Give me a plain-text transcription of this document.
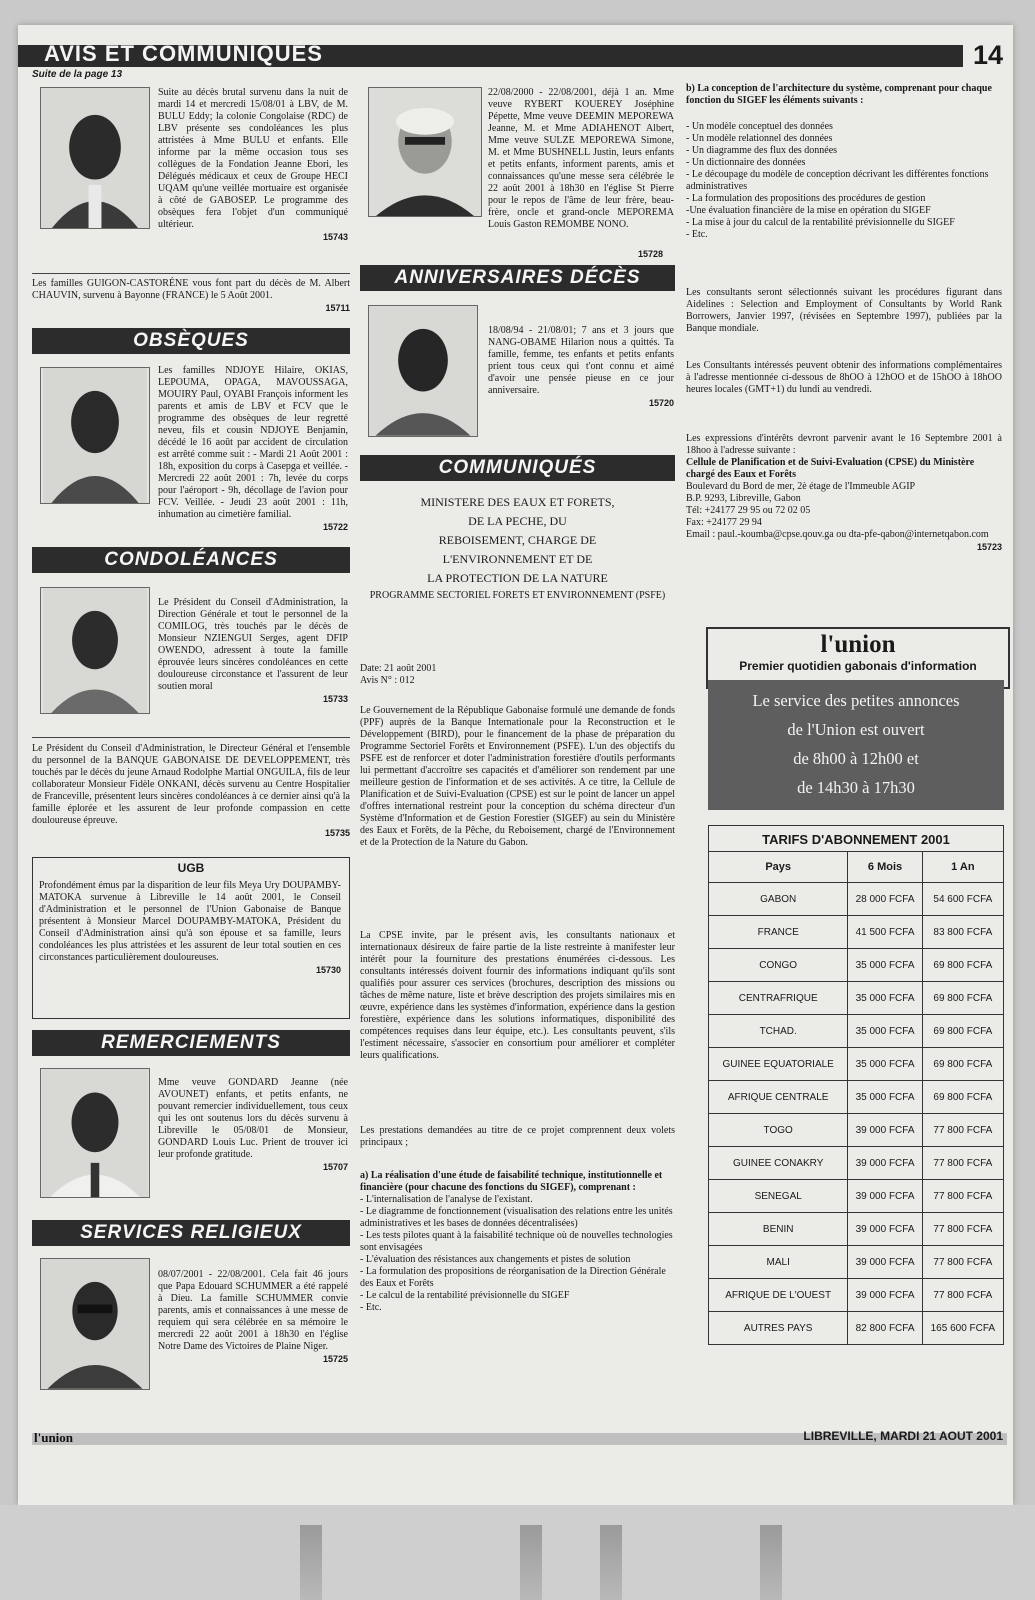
AVIS ET COMMUNIQUÉS	14
Suite de la page 13

Suite au décès brutal survenu dans la nuit de mardi 14 et mercredi 15/08/01 à LBV, de M. BULU Eddy; la colonie Congolaise (RDC) de LBV présente ses condoléances les plus attristées à Mme BULU et enfants. Elle informe par la même occasion tous ses collègues de la Fondation Jeanne Ebori, les Délégués médicaux et ceux de Groupe HECI UQAM qu'une veillée mortuaire est organisée à côté de GABOSEP. Le programme des obsèques fera l'objet d'un communiqué ultérieur.

15743

Les familles GUIGON-CASTORÉNE vous font part du décès de M. Albert CHAUVIN, survenu à Bayonne (FRANCE) le 5 Août 2001.

15711
OBSÈQUES

Les familles NDJOYE Hilaire, OKIAS, LEPOUMA, OPAGA, MAVOUSSAGA, MOUIRY Paul, OYABI François informent les parents et amis de LBV et FCV que le programme des obsèques de leur regretté neveu, fils et cousin NDJOYE Benjamin, décédé le 16 août par accident de circulation est arrêté comme suit : - Mardi 21 Août 2001 : 18h, exposition du corps à Casepga et veillée. - Mercredi 22 août 2001 : 7h, levée du corps pour l'aéroport - 9h, décollage de l'avion pour FCV. Veillée. - Jeudi 23 août 2001 : 11h, inhumation au cimetière familial.

15722
CONDOLÉANCES

Le Président du Conseil d'Administration, la Direction Générale et tout le personnel de la COMILOG, très touchés par le décès de Monsieur NZIENGUI Serges, agent DFIP OWENDO, adressent à toute la famille éprouvée leurs sincères condoléances en cette douloureuse circonstance et l'assurent de leur soutien moral

15733

Le Président du Conseil d'Administration, le Directeur Général et l'ensemble du personnel de la BANQUE GABONAISE DE DEVELOPPEMENT, très touchés par le décès du jeune Arnaud Rodolphe Martial ONGUILA, fils de leur collaborateur Monsieur Fidèle ONKANI, décès survenu au Centre Hospitalier de Franceville, présentent leurs sincères condoléances à ce dernier ainsi qu'à la famille éplorée et les assurent de leur profonde compassion en cette douloureuse épreuve.

15735
UGB

Profondément émus par la disparition de leur fils Meya Ury DOUPAMBY-MATOKA survenue à Libreville le 14 août 2001, le Conseil d'Administration et le personnel de l'Union Gabonaise de Banque présentent à Monsieur Marcel DOUPAMBY-MATOKA, Président du Conseil d'Administration ainsi qu'à son épouse et sa famille, leurs condoléances les plus attristées et les assurent de leur total soutien en ces circonstances particulièrement douloureuses.

15730
REMERCIEMENTS

Mme veuve GONDARD Jeanne (née AVOUNET) enfants, et petits enfants, ne pouvant remercier individuellement, tous ceux qui les ont soutenus lors du décès survenu à Libreville le 05/08/01 de Monsieur, GONDARD Louis Luc. Prient de trouver ici leur profonde gratitude.

15707
SERVICES RELIGIEUX

08/07/2001 - 22/08/2001. Cela fait 46 jours que Papa Edouard SCHUMMER a été rappelé à Dieu. La famille SCHUMMER convie parents, amis et connaissances à une messe de requiem qui sera célébrée en sa mémoire le mercredi 22 août 2001 à 18h30 en l'église Notre Dame des Victoires de Plaine Niger.

15725

22/08/2000 - 22/08/2001, déjà 1 an. Mme veuve RYBERT KOUEREY Joséphine Pépette, Mme veuve DEEMIN MEPOREWA Jeanne, M. et Mme ADIAHENOT Albert, Mme veuve SULZE MEPOREWA Simone, M. et Mme BUSHNELL Justin, leurs enfants et petits enfants, informent parents, amis et connaissances qu'une messe sera célébrée le 22 août 2001 à 18h30 en l'église St Pierre pour le repos de l'âme de leur frère, beau-frère, oncle et grand-oncle MEPOREMA Louis Gaston REMOMBE NONO.

15728
ANNIVERSAIRES DÉCÈS

18/08/94 - 21/08/01; 7 ans et 3 jours que NANG-OBAME Hilarion nous a quittés. Ta famille, femme, tes enfants et petits enfants prient tous ceux qui t'ont connu et aimé d'avoir une pensée pieuse en ce jour anniversaire.

15720
COMMUNIQUÉS
MINISTERE DES EAUX ET FORETS,
DE LA PECHE, DU
REBOISEMENT, CHARGE DE
L'ENVIRONNEMENT ET DE
LA PROTECTION DE LA NATURE
PROGRAMME SECTORIEL FORETS ET ENVIRONNEMENT (PSFE)
Date: 21 août 2001
Avis N° : 012

Le Gouvernement de la République Gabonaise formulé une demande de fonds (PPF) auprès de la Banque Internationale pour la Reconstruction et le Développement (BIRD), pour le financement de la phase de préparation du Programme Sectoriel Forêts et Environnement (PSFE). L'un des objectifs du PSFE est de renforcer et doter l'administration forestière d'outils performants lui permettant d'accroître ses capacités et d'améliorer son rendement par une meilleure gestion de l'information et de ses activités. A ce titre, la Cellule de Planification et de Suivi-Evaluation (CPSE) est sur le point de lancer un appel d'offres international restreint pour la conception du schéma directeur d'un Système d'Information et de Gestion Forestier (SIGEF) au sein du Ministère des Eaux et Forêts, de la Pêche, du Reboisement, chargé de l'Environnement et de la Protection de la Nature du Gabon.

La CPSE invite, par le présent avis, les consultants nationaux et internationaux désireux de faire partie de la liste restreinte à manifester leur intérêt pour la fourniture des prestations énumérées ci-dessous. Les consultants intéressés doivent fournir des informations indiquant qu'ils sont qualifiés pour assurer ces services (brochures, description des missions ou tâches de même nature, liste et brève description des projets similaires mis en œuvre, expérience dans les systèmes d'information, expérience dans la gestion forestière, expérience dans les solutions informatiques, disponibilité des compétences requises dans leur équipe, etc.). Les consultants peuvent, s'ils l'estiment nécessaire, s'associer en consortium pour améliorer et compléter leurs qualifications.

Les prestations demandées au titre de ce projet comprennent deux volets principaux ;

a) La réalisation d'une étude de faisabilité technique, institutionnelle et financière (pour chacune des fonctions du SIGEF), comprenant :
- L'internalisation de l'analyse de l'existant.
- Le diagramme de fonctionnement (visualisation des relations entre les unités administratives et les bases de données décentralisées)
- Les tests pilotes quant à la faisabilité technique où de nouvelles technologies sont envisagées
- L'évaluation des résistances aux changements et pistes de solution
- La formulation des propositions de réorganisation de la Direction Générale des Eaux et Forêts
- Le calcul de la rentabilité prévisionnelle du SIGEF
- Etc.
b) La conception de l'architecture du système, comprenant pour chaque fonction du SIGEF les éléments suivants :
- Un modèle conceptuel des données
- Un modèle relationnel des données
- Un diagramme des flux des données
- Un dictionnaire des données
- Le découpage du modèle de conception décrivant les différentes fonctions administratives
- La formulation des propositions des procédures de gestion
-Une évaluation financière de la mise en opération du SIGEF
- La mise à jour du calcul de la rentabilité prévisionnelle du SIGEF
- Etc.

Les consultants seront sélectionnés suivant les procédures figurant dans Aidelines : Selection and Employment of Consultants by World Rank Borrowers, Janvier 1997, (révisées en Septembre 1997), publiées par la Banque mondiale.

Les Consultants intéressés peuvent obtenir des informations complémentaires à l'adresse mentionnée ci-dessous de 8hOO à 12hOO et de 15hOO à 18hOO heures locales (GMT+1) du lundi au vendredi.

Les expressions d'intérêts devront parvenir avant le 16 Septembre 2001 à 18hoo à l'adresse suivante :

Cellule de Planification et de Suivi-Evaluation (CPSE) du Ministère chargé des Eaux et Forêts
Boulevard du Bord de mer, 2è étage de l'Immeuble AGIP
B.P. 9293, Libreville, Gabon
Tél: +24177 29 95 ou 72 02 05
Fax: +24177 29 94
Email : paul.-koumba@cpse.qouv.ga ou dta-pfe-qabon@internetqabon.com
15723
l'union
Premier quotidien gabonais d'information
Le service des petites annonces
de l'Union est ouvert
de 8h00 à 12h00 et
de 14h30 à 17h30
TARIFS D'ABONNEMENT 2001
Pays	6 Mois	1 An
GABON	28 000 FCFA	54 600 FCFA
FRANCE	41 500 FCFA	83 800 FCFA
CONGO	35 000 FCFA	69 800 FCFA
CENTRAFRIQUE	35 000 FCFA	69 800 FCFA
TCHAD.	35 000 FCFA	69 800 FCFA
GUINEE EQUATORIALE	35 000 FCFA	69 800 FCFA
AFRIQUE CENTRALE	35 000 FCFA	69 800 FCFA
TOGO	39 000 FCFA	77 800 FCFA
GUINEE CONAKRY	39 000 FCFA	77 800 FCFA
SENEGAL	39 000 FCFA	77 800 FCFA
BENIN	39 000 FCFA	77 800 FCFA
MALI	39 000 FCFA	77 800 FCFA
AFRIQUE DE L'OUEST	39 000 FCFA	77 800 FCFA
AUTRES PAYS	82 800 FCFA	165 600 FCFA
l'union	LIBREVILLE, MARDI 21 AOUT 2001
